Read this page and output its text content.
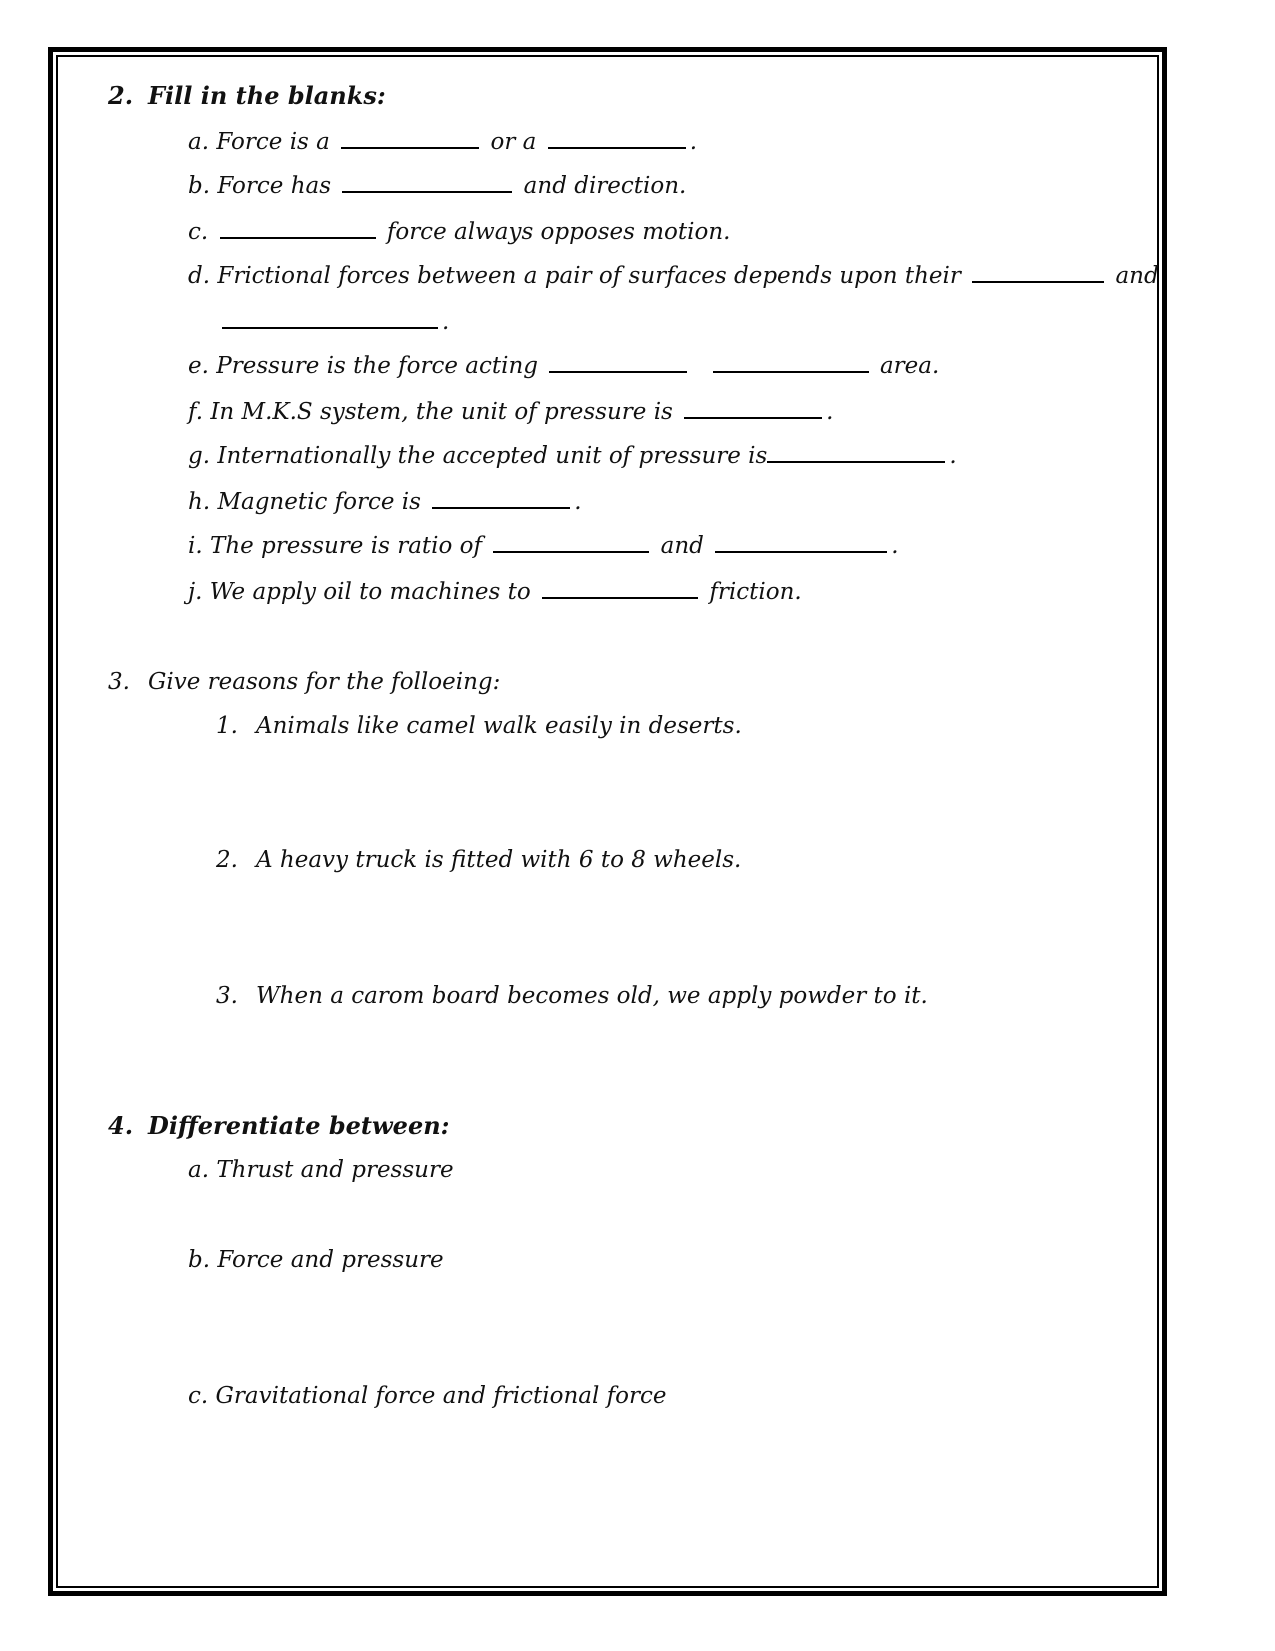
2. Fill in the blanks:
a. Force is a	or a	.
b. Force has	and direction.
c.	force always opposes motion.
d. Frictional forces between a pair of surfaces depends upon their	and
.
e. Pressure is the force acting	area.
f. In M.K.S system, the unit of pressure is	.
g. Internationally the accepted unit of pressure is	.
h. Magnetic force is	.
i. The pressure is ratio of	and	.
j. We apply oil to machines to	friction.
3. Give reasons for the folloeing:
1. Animals like camel walk easily in deserts.
2. A heavy truck is fitted with 6 to 8 wheels.
3. When a carom board becomes old, we apply powder to it.
4. Differentiate between:
a. Thrust and pressure
b. Force and pressure
c. Gravitational force and frictional force
